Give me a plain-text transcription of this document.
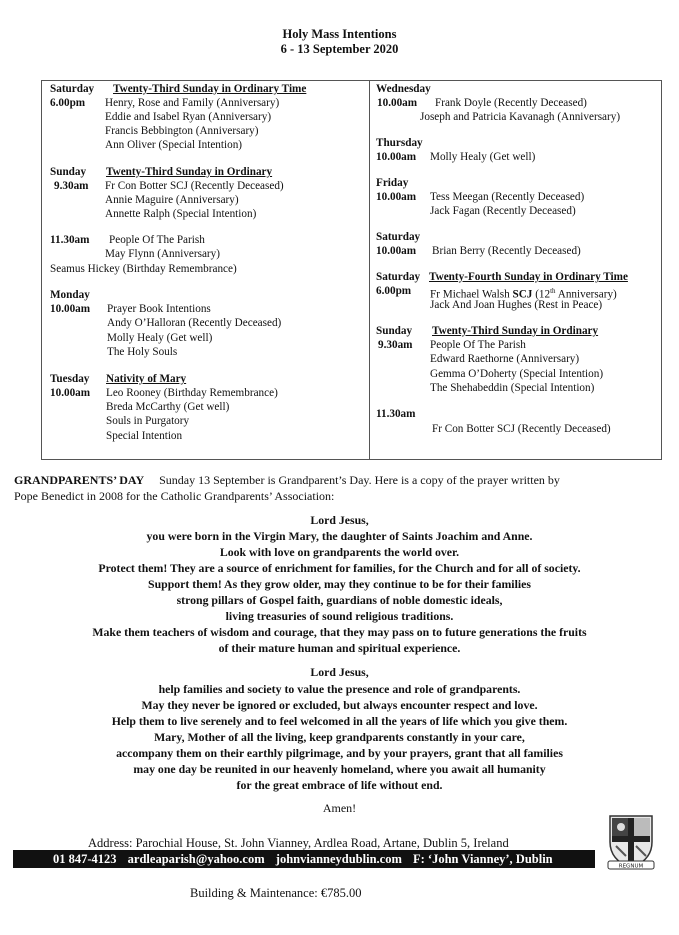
Holy Mass Intentions
6 - 13 September 2020
Saturday Twenty-Third Sunday in Ordinary Time
6.00pm Henry, Rose and Family (Anniversary)
Eddie and Isabel Ryan (Anniversary)
Francis Bebbington (Anniversary)
Ann Oliver (Special Intention)
Sunday Twenty-Third Sunday in Ordinary
9.30am Fr Con Botter SCJ (Recently Deceased)
Annie Maguire (Anniversary)
Annette Ralph (Special Intention)
11.30am People Of The Parish
May Flynn (Anniversary)
Seamus Hickey (Birthday Remembrance)
Monday
10.00am Prayer Book Intentions
Andy O’Halloran (Recently Deceased)
Molly Healy (Get well)
The Holy Souls
Tuesday Nativity of Mary
10.00am Leo Rooney (Birthday Remembrance)
Breda McCarthy (Get well)
Souls in Purgatory
Special Intention
Wednesday
10.00am Frank Doyle (Recently Deceased)
Joseph and Patricia Kavanagh (Anniversary)
Thursday
10.00am Molly Healy (Get well)
Friday
10.00am Tess Meegan (Recently Deceased)
Jack Fagan (Recently Deceased)
Saturday
10.00am Brian Berry (Recently Deceased)
Saturday Twenty-Fourth Sunday in Ordinary Time
6.00pm Fr Michael Walsh SCJ (12th Anniversary)
Jack And Joan Hughes (Rest in Peace)
Sunday Twenty-Third Sunday in Ordinary
9.30am People Of The Parish
Edward Raethorne (Anniversary)
Gemma O’Doherty (Special Intention)
The Shehabeddin (Special Intention)
11.30am
Fr Con Botter SCJ (Recently Deceased)
GRANDPARENTS’ DAY Sunday 13 September is Grandparent’s Day. Here is a copy of the prayer written by
Pope Benedict in 2008 for the Catholic Grandparents’ Association:
Lord Jesus,
you were born in the Virgin Mary, the daughter of Saints Joachim and Anne.
Look with love on grandparents the world over.
Protect them! They are a source of enrichment for families, for the Church and for all of society.
Support them! As they grow older, may they continue to be for their families
strong pillars of Gospel faith, guardians of noble domestic ideals,
living treasuries of sound religious traditions.
Make them teachers of wisdom and courage, that they may pass on to future generations the fruits
of their mature human and spiritual experience.
Lord Jesus,
help families and society to value the presence and role of grandparents.
May they never be ignored or excluded, but always encounter respect and love.
Help them to live serenely and to feel welcomed in all the years of life which you give them.
Mary, Mother of all the living, keep grandparents constantly in your care,
accompany them on their earthly pilgrimage, and by your prayers, grant that all families
may one day be reunited in our heavenly homeland, where you await all humanity
for the great embrace of life without end.
Amen!
Address: Parochial House, St. John Vianney, Ardlea Road, Artane, Dublin 5, Ireland
01 847-4123 ardleaparish@yahoo.com johnvianneydublin.com F: ‘John Vianney’, Dublin
Building & Maintenance: €785.00
REGNUM
